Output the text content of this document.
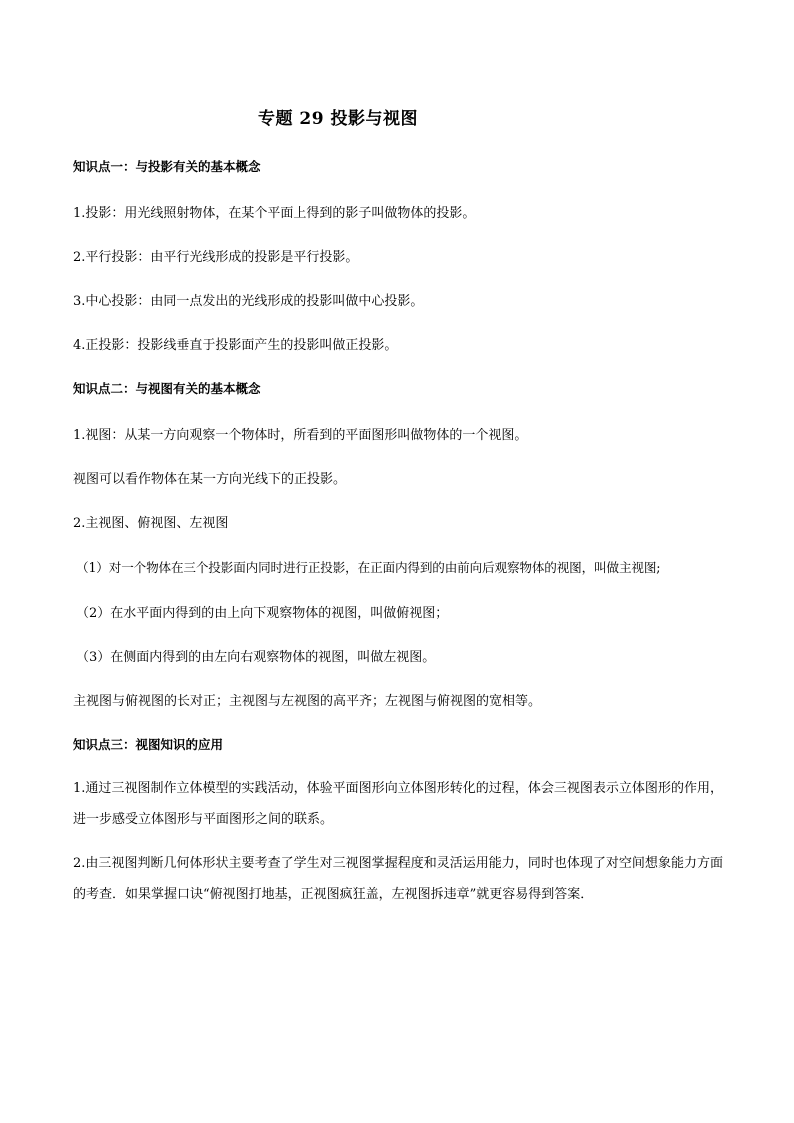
专题 29 投影与视图
知识点一：与投影有关的基本概念
1.投影：用光线照射物体，在某个平面上得到的影子叫做物体的投影。
2.平行投影：由平行光线形成的投影是平行投影。
3.中心投影：由同一点发出的光线形成的投影叫做中心投影。
4.正投影：投影线垂直于投影面产生的投影叫做正投影。
知识点二：与视图有关的基本概念
1.视图：从某一方向观察一个物体时，所看到的平面图形叫做物体的一个视图。
视图可以看作物体在某一方向光线下的正投影。
2.主视图、俯视图、左视图
（1）对一个物体在三个投影面内同时进行正投影，在正面内得到的由前向后观察物体的视图，叫做主视图;
（2）在水平面内得到的由上向下观察物体的视图，叫做俯视图；
（3）在侧面内得到的由左向右观察物体的视图，叫做左视图。
主视图与俯视图的长对正；主视图与左视图的高平齐；左视图与俯视图的宽相等。
知识点三：视图知识的应用
1.通过三视图制作立体模型的实践活动，体验平面图形向立体图形转化的过程，体会三视图表示立体图形的作用，进一步感受立体图形与平面图形之间的联系。
2.由三视图判断几何体形状主要考查了学生对三视图掌握程度和灵活运用能力，同时也体现了对空间想象能力方面的考查．如果掌握口诀“俯视图打地基，正视图疯狂盖，左视图拆违章”就更容易得到答案．
